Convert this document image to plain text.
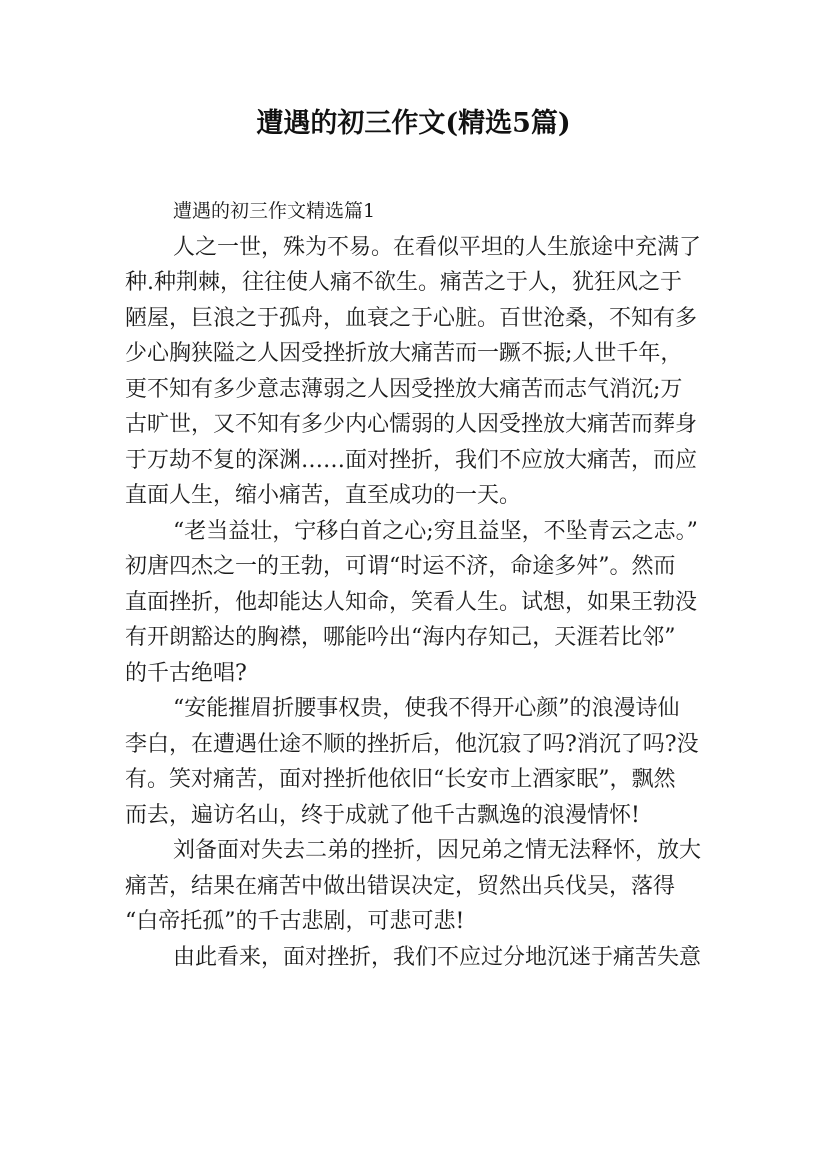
遭遇的初三作文(精选5篇)

遭遇的初三作文精选篇1

人之一世，殊为不易。在看似平坦的人生旅途中充满了
种.种荆棘，往往使人痛不欲生。痛苦之于人，犹狂风之于
陋屋，巨浪之于孤舟，血衰之于心脏。百世沧桑，不知有多
少心胸狭隘之人因受挫折放大痛苦而一蹶不振;人世千年，
更不知有多少意志薄弱之人因受挫放大痛苦而志气消沉;万
古旷世，又不知有多少内心懦弱的人因受挫放大痛苦而葬身
于万劫不复的深渊……面对挫折，我们不应放大痛苦，而应
直面人生，缩小痛苦，直至成功的一天。
“老当益壮，宁移白首之心;穷且益坚，不坠青云之志。”
初唐四杰之一的王勃，可谓“时运不济，命途多舛”。然而
直面挫折，他却能达人知命，笑看人生。试想，如果王勃没
有开朗豁达的胸襟，哪能吟出“海内存知己，天涯若比邻”
的千古绝唱?
“安能摧眉折腰事权贵，使我不得开心颜”的浪漫诗仙
李白，在遭遇仕途不顺的挫折后，他沉寂了吗?消沉了吗?没
有。笑对痛苦，面对挫折他依旧“长安市上酒家眠”，飘然
而去，遍访名山，终于成就了他千古飘逸的浪漫情怀!
刘备面对失去二弟的挫折，因兄弟之情无法释怀，放大
痛苦，结果在痛苦中做出错误决定，贸然出兵伐吴，落得
“白帝托孤”的千古悲剧，可悲可悲!
由此看来，面对挫折，我们不应过分地沉迷于痛苦失意
